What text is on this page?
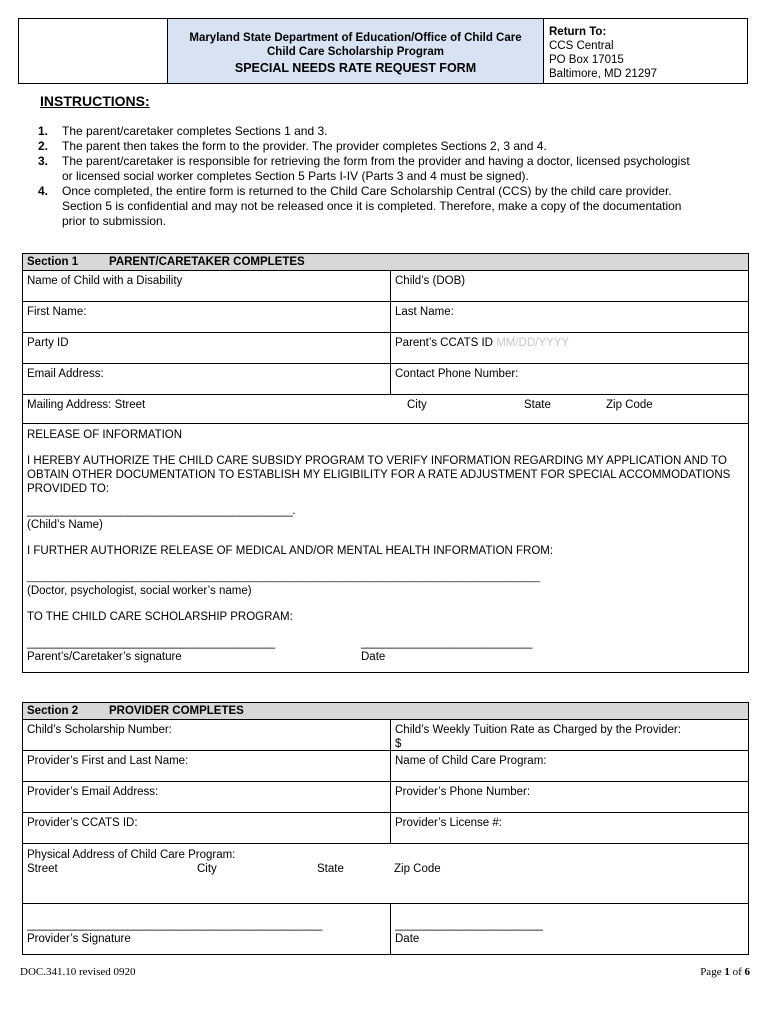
Maryland State Department of Education/Office of Child Care
Child Care Scholarship Program
SPECIAL NEEDS RATE REQUEST FORM
Return To:
CCS Central
PO Box 17015
Baltimore, MD 21297
INSTRUCTIONS:
1.	The parent/caretaker completes Sections 1 and 3.
2.	The parent then takes the form to the provider. The provider completes Sections 2, 3 and 4.
3.	The parent/caretaker is responsible for retrieving the form from the provider and having a doctor, licensed psychologist or licensed social worker completes Section 5 Parts I-IV (Parts 3 and 4 must be signed).
4.	Once completed, the entire form is returned to the Child Care Scholarship Central (CCS) by the child care provider. Section 5 is confidential and may not be released once it is completed. Therefore, make a copy of the documentation prior to submission.
Section 1	PARENT/CARETAKER COMPLETES
Name of Child with a Disability	Child’s (DOB)
First Name:	Last Name:
Party ID	Parent’s CCATS ID MM/DD/YYYY
Email Address:	Contact Phone Number:
Mailing Address: Street	City	State	Zip Code

RELEASE OF INFORMATION

I HEREBY AUTHORIZE THE CHILD CARE SUBSIDY PROGRAM TO VERIFY INFORMATION REGARDING MY APPLICATION AND TO OBTAIN OTHER DOCUMENTATION TO ESTABLISH MY ELIGIBILITY FOR A RATE ADJUSTMENT FOR SPECIAL ACCOMMODATIONS PROVIDED TO:

_____________________________________________.

(Child’s Name)

I FURTHER AUTHORIZE RELEASE OF MEDICAL AND/OR MENTAL HEALTH INFORMATION FROM:

________________________________________________________________________________________________

(Doctor, psychologist, social worker’s name)

TO THE CHILD CARE SCHOLARSHIP PROGRAM:

__________________________________________	_____________________________
Parent’s/Caretaker’s signature	Date
Section 2	PROVIDER COMPLETES
Child’s Scholarship Number:	Child’s Weekly Tuition Rate as Charged by the Provider:
$
Provider’s First and Last Name:	Name of Child Care Program:
Provider’s Email Address:	Provider’s Phone Number:
Provider’s CCATS ID:	Provider’s License #:
Physical Address of Child Care Program:
Street	City	State	Zip Code
__________________________________________________
Provider’s Signature
_________________________
Date
DOC.341.10 revised 0920	Page 1 of 6
